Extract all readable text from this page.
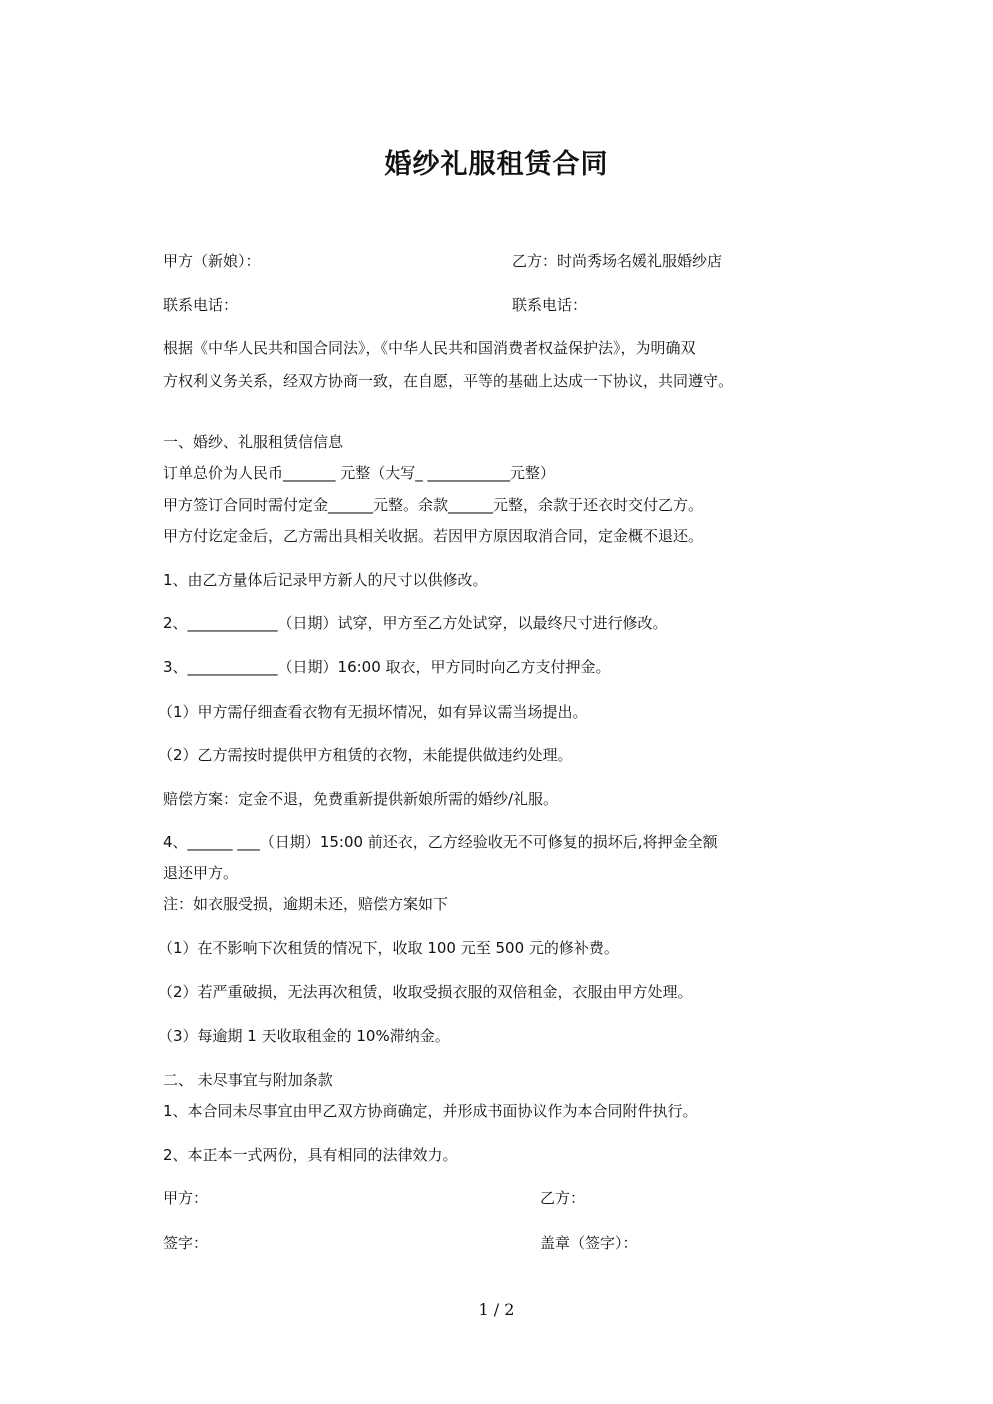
婚纱礼服租赁合同
甲方（新娘）：	乙方：时尚秀场名媛礼服婚纱店
联系电话：	联系电话：
根据《中华人民共和国合同法》，《中华人民共和国消费者权益保护法》，为明确双
方权利义务关系，经双方协商一致，在自愿，平等的基础上达成一下协议，共同遵守。
一、婚纱、礼服租赁信信息
订单总价为人民币_______ 元整（大写_ ___________元整）
甲方签订合同时需付定金______元整。余款______元整，余款于还衣时交付乙方。
甲方付讫定金后，乙方需出具相关收据。若因甲方原因取消合同，定金概不退还。
1、由乙方量体后记录甲方新人的尺寸以供修改。
2、____________（日期）试穿，甲方至乙方处试穿，以最终尺寸进行修改。
3、____________（日期）16:00 取衣，甲方同时向乙方支付押金。
（1）甲方需仔细查看衣物有无损坏情况，如有异议需当场提出。
（2）乙方需按时提供甲方租赁的衣物，未能提供做违约处理。
赔偿方案：定金不退，免费重新提供新娘所需的婚纱/礼服。
4、______ ___（日期）15:00 前还衣，乙方经验收无不可修复的损坏后,将押金全额
退还甲方。
注：如衣服受损，逾期未还，赔偿方案如下
（1）在不影响下次租赁的情况下，收取 100 元至 500 元的修补费。
（2）若严重破损，无法再次租赁，收取受损衣服的双倍租金，衣服由甲方处理。
（3）每逾期 1 天收取租金的 10%滞纳金。
二、 未尽事宜与附加条款
1、本合同未尽事宜由甲乙双方协商确定，并形成书面协议作为本合同附件执行。
2、本正本一式两份，具有相同的法律效力。
甲方：	乙方：
签字：	盖章（签字）：
1 / 2
